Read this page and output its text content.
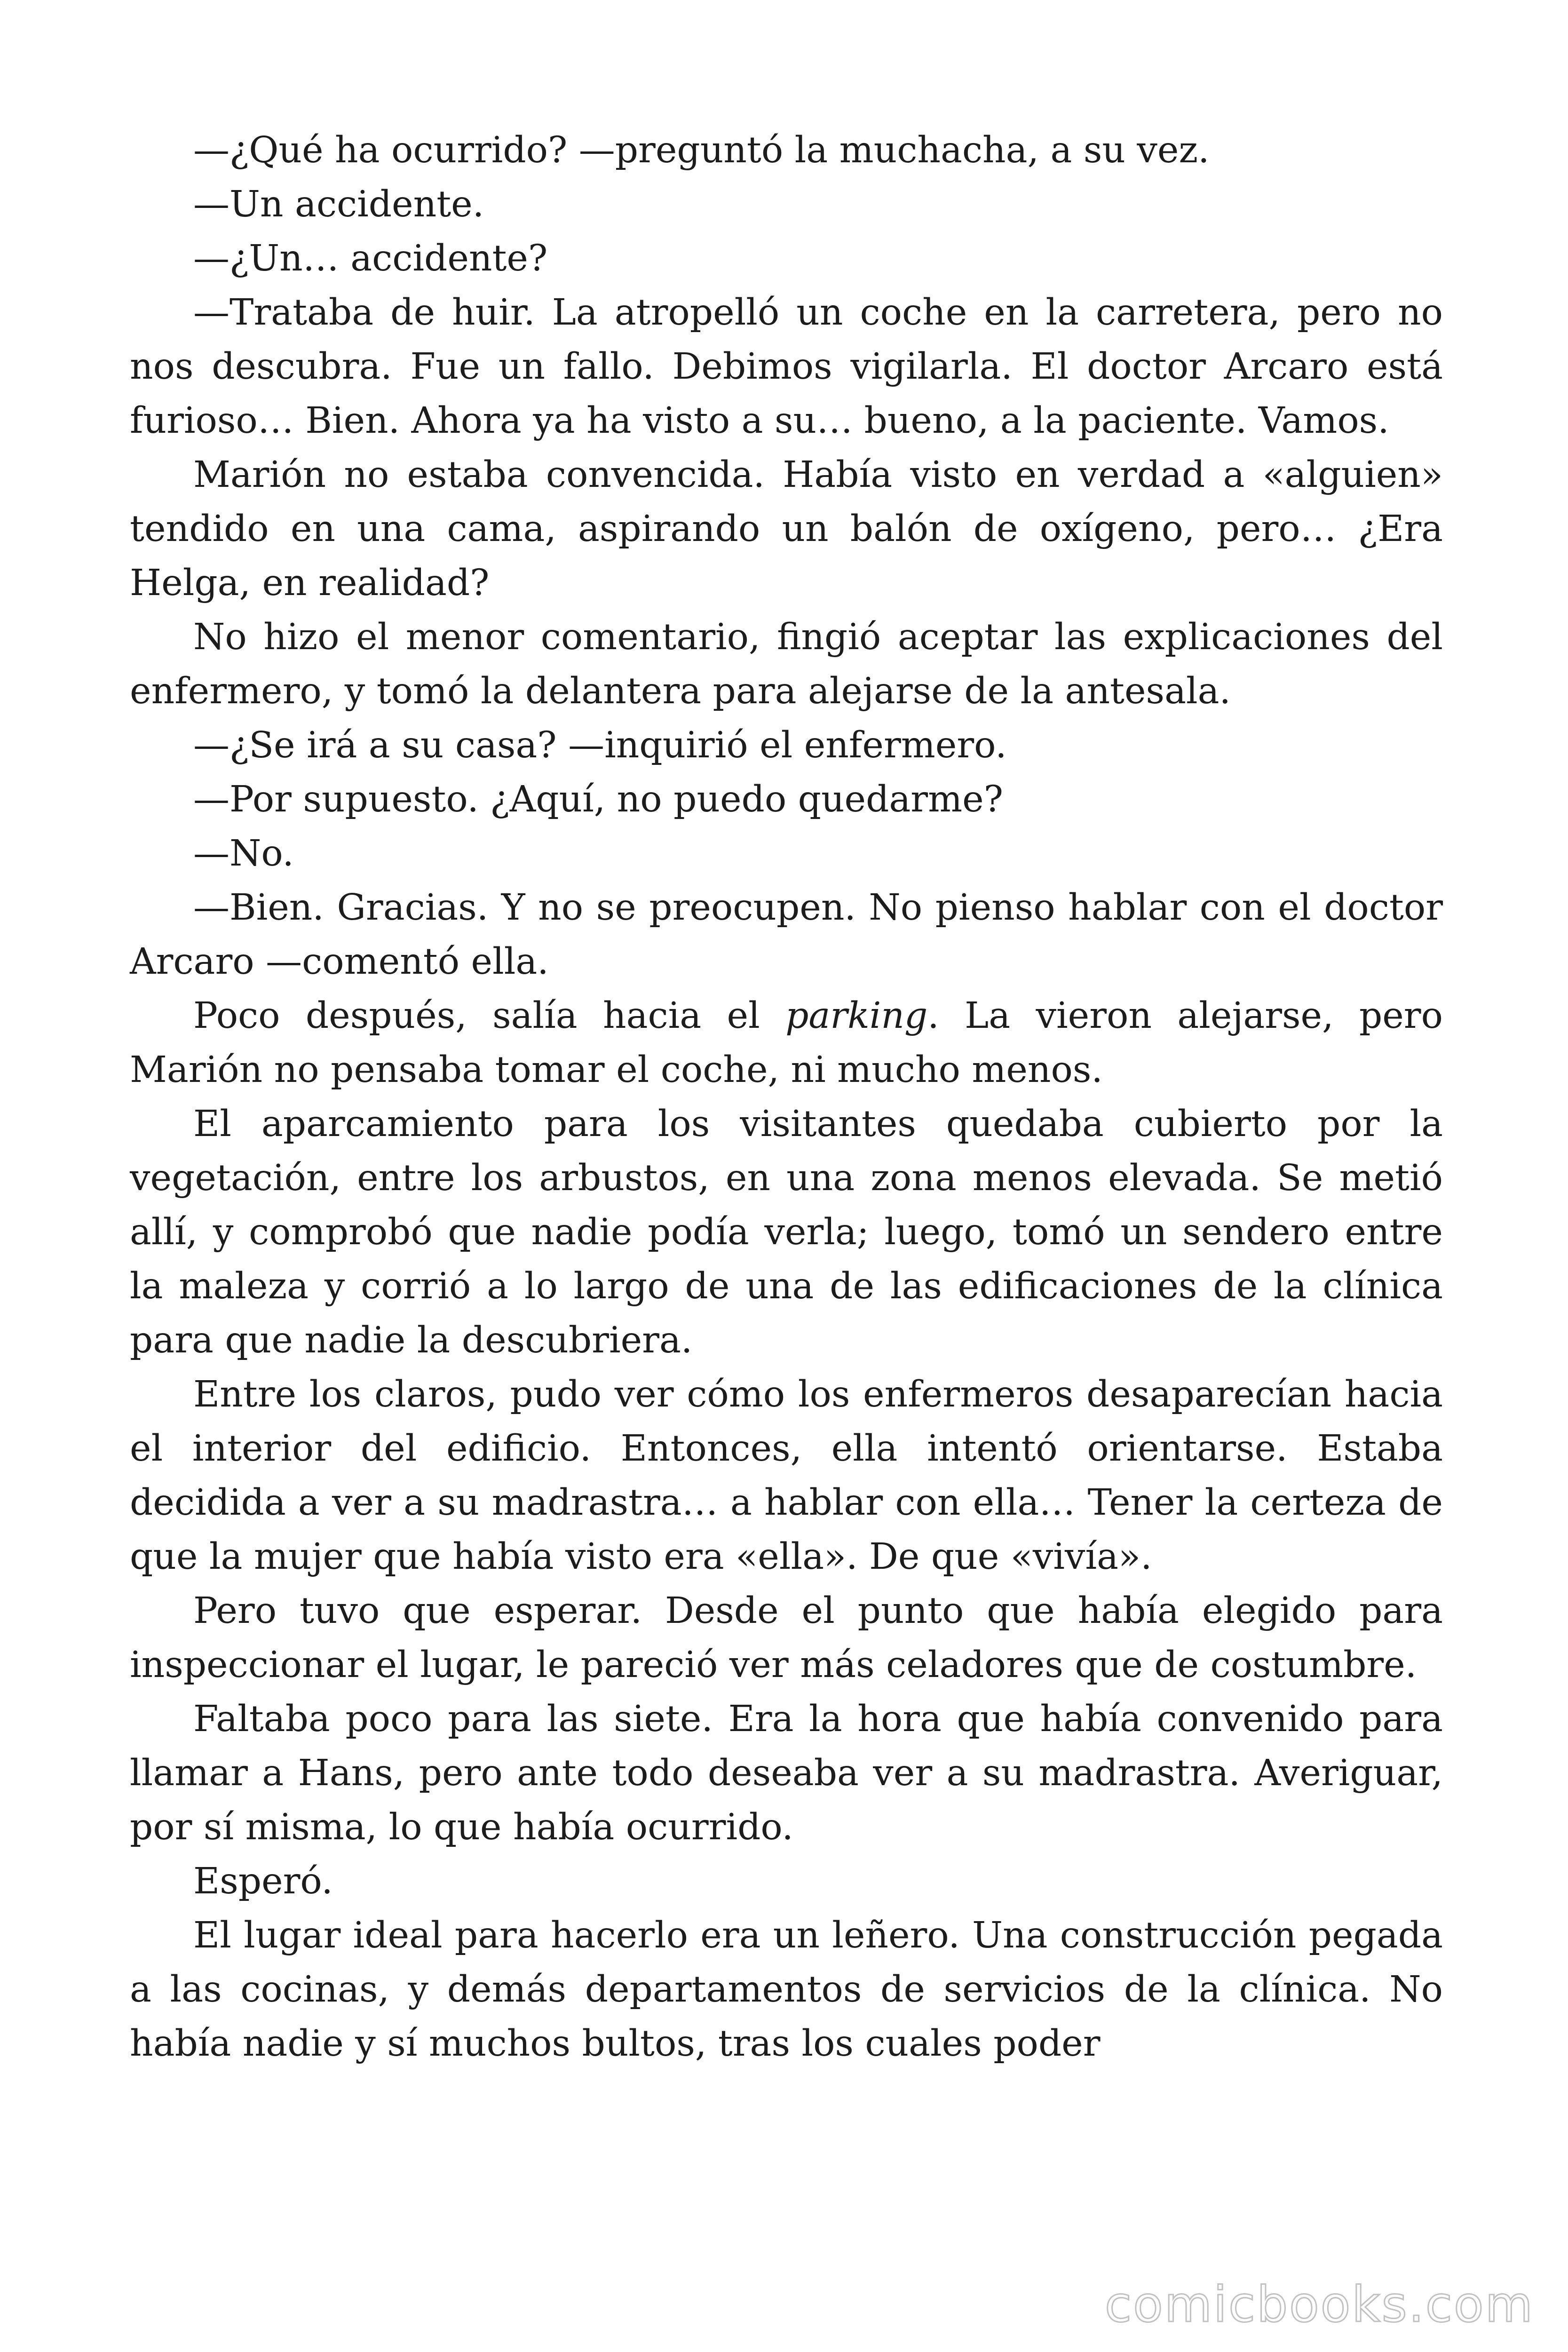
—¿Qué ha ocurrido? —preguntó la muchacha, a su vez.

—Un accidente.

—¿Un… accidente?

—Trataba de huir. La atropelló un coche en la carretera, pero no nos descubra. Fue un fallo. Debimos vigilarla. El doctor Arcaro está furioso… Bien. Ahora ya ha visto a su… bueno, a la paciente. Vamos.

Marión no estaba convencida. Había visto en verdad a «alguien» tendido en una cama, aspirando un balón de oxígeno, pero… ¿Era Helga, en realidad?

No hizo el menor comentario, fingió aceptar las explicaciones del enfermero, y tomó la delantera para alejarse de la antesala.

—¿Se irá a su casa? —inquirió el enfermero.

—Por supuesto. ¿Aquí, no puedo quedarme?

—No.

—Bien. Gracias. Y no se preocupen. No pienso hablar con el doctor Arcaro —comentó ella.

Poco después, salía hacia el parking. La vieron alejarse, pero Marión no pensaba tomar el coche, ni mucho menos.

El aparcamiento para los visitantes quedaba cubierto por la vegetación, entre los arbustos, en una zona menos elevada. Se metió allí, y comprobó que nadie podía verla; luego, tomó un sendero entre la maleza y corrió a lo largo de una de las edificaciones de la clínica para que nadie la descubriera.

Entre los claros, pudo ver cómo los enfermeros desaparecían hacia el interior del edificio. Entonces, ella intentó orientarse. Estaba decidida a ver a su madrastra… a hablar con ella… Tener la certeza de que la mujer que había visto era «ella». De que «vivía».

Pero tuvo que esperar. Desde el punto que había elegido para inspeccionar el lugar, le pareció ver más celadores que de costumbre.

Faltaba poco para las siete. Era la hora que había convenido para llamar a Hans, pero ante todo deseaba ver a su madrastra. Averiguar, por sí misma, lo que había ocurrido.

Esperó.

El lugar ideal para hacerlo era un leñero. Una construcción pegada a las cocinas, y demás departamentos de servicios de la clínica. No había nadie y sí muchos bultos, tras los cuales poder

comicbooks.com
